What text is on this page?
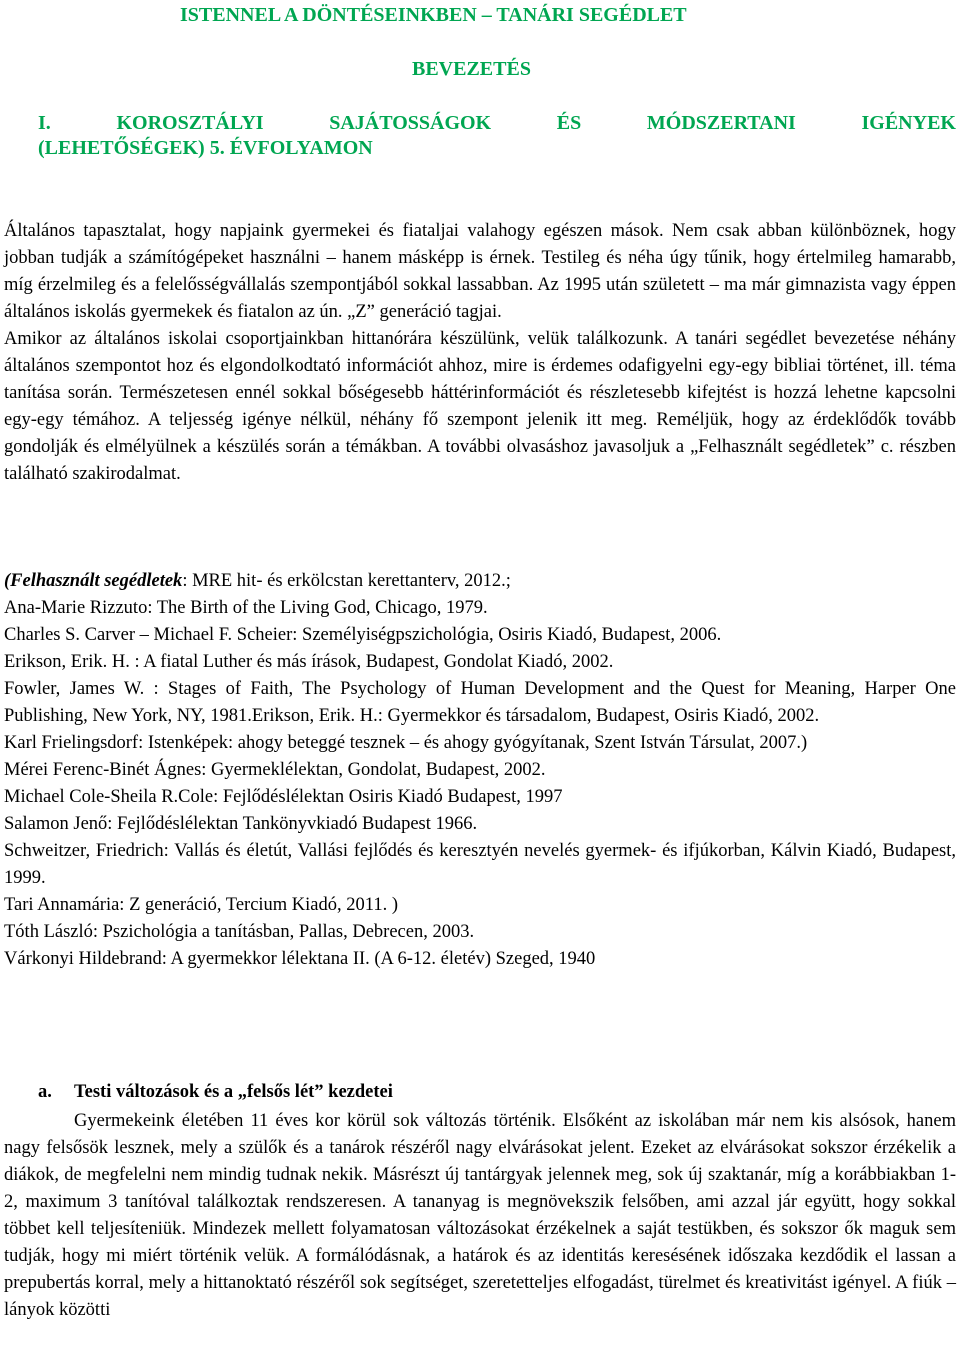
ISTENNEL A DÖNTÉSEINKBEN – TANÁRI SEGÉDLET
BEVEZETÉS
I.	KOROSZTÁLYI	SAJÁTOSSÁGOK	ÉS	MÓDSZERTANI	IGÉNYEK
(LEHETŐSÉGEK) 5. ÉVFOLYAMON

Általános tapasztalat, hogy napjaink gyermekei és fiataljai valahogy egészen mások. Nem csak abban különböznek, hogy jobban tudják a számítógépeket használni – hanem másképp is érnek. Testileg és néha úgy tűnik, hogy értelmileg hamarabb, míg érzelmileg és a felelősségvállalás szempontjából sokkal lassabban. Az 1995 után született – ma már gimnazista vagy éppen általános iskolás gyermekek és fiatalon az ún. „Z” generáció tagjai.

Amikor az általános iskolai csoportjainkban hittanórára készülünk, velük találkozunk. A tanári segédlet bevezetése néhány általános szempontot hoz és elgondolkodtató információt ahhoz, mire is érdemes odafigyelni egy-egy bibliai történet, ill. téma tanítása során. Természetesen ennél sokkal bőségesebb háttérinformációt és részletesebb kifejtést is hozzá lehetne kapcsolni egy-egy témához. A teljesség igénye nélkül, néhány fő szempont jelenik itt meg. Reméljük, hogy az érdeklődők tovább gondolják és elmélyülnek a készülés során a témákban. A további olvasáshoz javasoljuk a „Felhasznált segédletek” c. részben található szakirodalmat.

(Felhasznált segédletek: MRE hit- és erkölcstan kerettanterv, 2012.;
Ana-Marie Rizzuto: The Birth of the Living God, Chicago, 1979.
Charles S. Carver – Michael F. Scheier: Személyiségpszichológia, Osiris Kiadó, Budapest, 2006.
Erikson, Erik. H. : A fiatal Luther és más írások, Budapest, Gondolat Kiadó, 2002.
Fowler, James W. : Stages of Faith, The Psychology of Human Development and the Quest for Meaning, Harper One Publishing, New York, NY, 1981.Erikson, Erik. H.: Gyermekkor és társadalom, Budapest, Osiris Kiadó, 2002.
Karl Frielingsdorf: Istenképek: ahogy beteggé tesznek – és ahogy gyógyítanak, Szent István Társulat, 2007.)
Mérei Ferenc-Binét Ágnes: Gyermeklélektan, Gondolat, Budapest, 2002.
Michael Cole-Sheila R.Cole: Fejlődéslélektan Osiris Kiadó Budapest, 1997
Salamon Jenő: Fejlődéslélektan Tankönyvkiadó Budapest 1966.
Schweitzer, Friedrich: Vallás és életút, Vallási fejlődés és keresztyén nevelés gyermek- és ifjúkorban, Kálvin Kiadó, Budapest, 1999.
Tari Annamária: Z generáció, Tercium Kiadó, 2011. )
Tóth László: Pszichológia a tanításban, Pallas, Debrecen, 2003.
Várkonyi Hildebrand: A gyermekkor lélektana II. (A 6-12. életév) Szeged, 1940
a. Testi változások és a „felsős lét” kezdetei

Gyermekeink életében 11 éves kor körül sok változás történik. Elsőként az iskolában már nem kis alsósok, hanem nagy felsősök lesznek, mely a szülők és a tanárok részéről nagy elvárásokat jelent. Ezeket az elvárásokat sokszor érzékelik a diákok, de megfelelni nem mindig tudnak nekik. Másrészt új tantárgyak jelennek meg, sok új szaktanár, míg a korábbiakban 1-2, maximum 3 tanítóval találkoztak rendszeresen. A tananyag is megnövekszik felsőben, ami azzal jár együtt, hogy sokkal többet kell teljesíteniük. Mindezek mellett folyamatosan változásokat érzékelnek a saját testükben, és sokszor ők maguk sem tudják, hogy mi miért történik velük. A formálódásnak, a határok és az identitás keresésének időszaka kezdődik el lassan a prepubertás korral, mely a hittanoktató részéről sok segítséget, szeretetteljes elfogadást, türelmet és kreativitást igényel. A fiúk – lányok közötti
